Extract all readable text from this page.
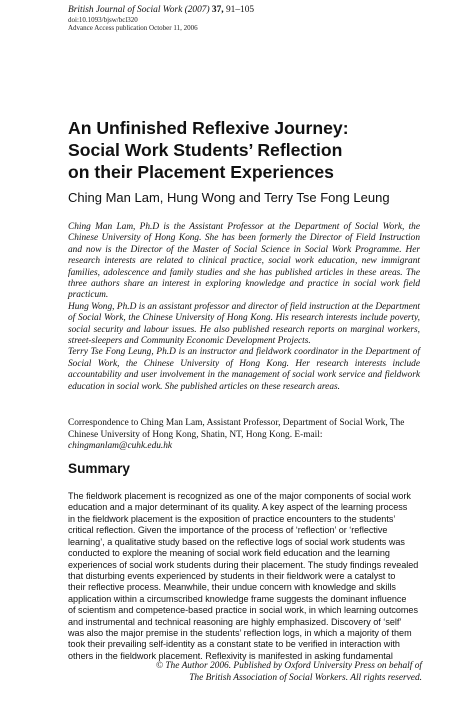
British Journal of Social Work (2007) 37, 91–105
doi:10.1093/bjsw/bcl320
Advance Access publication October 11, 2006
An Unfinished Reflexive Journey:
Social Work Students’ Reflection
on their Placement Experiences
Ching Man Lam, Hung Wong and Terry Tse Fong Leung

Ching Man Lam, Ph.D is the Assistant Professor at the Department of Social Work, the Chinese University of Hong Kong. She has been formerly the Director of Field Instruction and now is the Director of the Master of Social Science in Social Work Programme. Her research interests are related to clinical practice, social work education, new immigrant families, adolescence and family studies and she has published articles in these areas. The three authors share an interest in exploring knowledge and practice in social work field practicum.

Hung Wong, Ph.D is an assistant professor and director of field instruction at the Department of Social Work, the Chinese University of Hong Kong. His research interests include poverty, social security and labour issues. He also published research reports on marginal workers, street-sleepers and Community Economic Development Projects.

Terry Tse Fong Leung, Ph.D is an instructor and fieldwork coordinator in the Department of Social Work, the Chinese University of Hong Kong. Her research interests include accountability and user involvement in the management of social work service and fieldwork education in social work. She published articles on these research areas.

Correspondence to Ching Man Lam, Assistant Professor, Department of Social Work, The Chinese University of Hong Kong, Shatin, NT, Hong Kong. E-mail: chingmanlam@cuhk.edu.hk

Summary
The fieldwork placement is recognized as one of the major components of social work
education and a major determinant of its quality. A key aspect of the learning process
in the fieldwork placement is the exposition of practice encounters to the students’
critical reflection. Given the importance of the process of ‘reflection’ or ‘reflective
learning’, a qualitative study based on the reflective logs of social work students was
conducted to explore the meaning of social work field education and the learning
experiences of social work students during their placement. The study findings revealed
that disturbing events experienced by students in their fieldwork were a catalyst to
their reflective process. Meanwhile, their undue concern with knowledge and skills
application within a circumscribed knowledge frame suggests the dominant influence
of scientism and competence-based practice in social work, in which learning outcomes
and instrumental and technical reasoning are highly emphasized. Discovery of ‘self’
was also the major premise in the students’ reflection logs, in which a majority of them
took their prevailing self-identity as a constant state to be verified in interaction with
others in the fieldwork placement. Reflexivity is manifested in asking fundamental
© The Author 2006. Published by Oxford University Press on behalf of
The British Association of Social Workers. All rights reserved.
